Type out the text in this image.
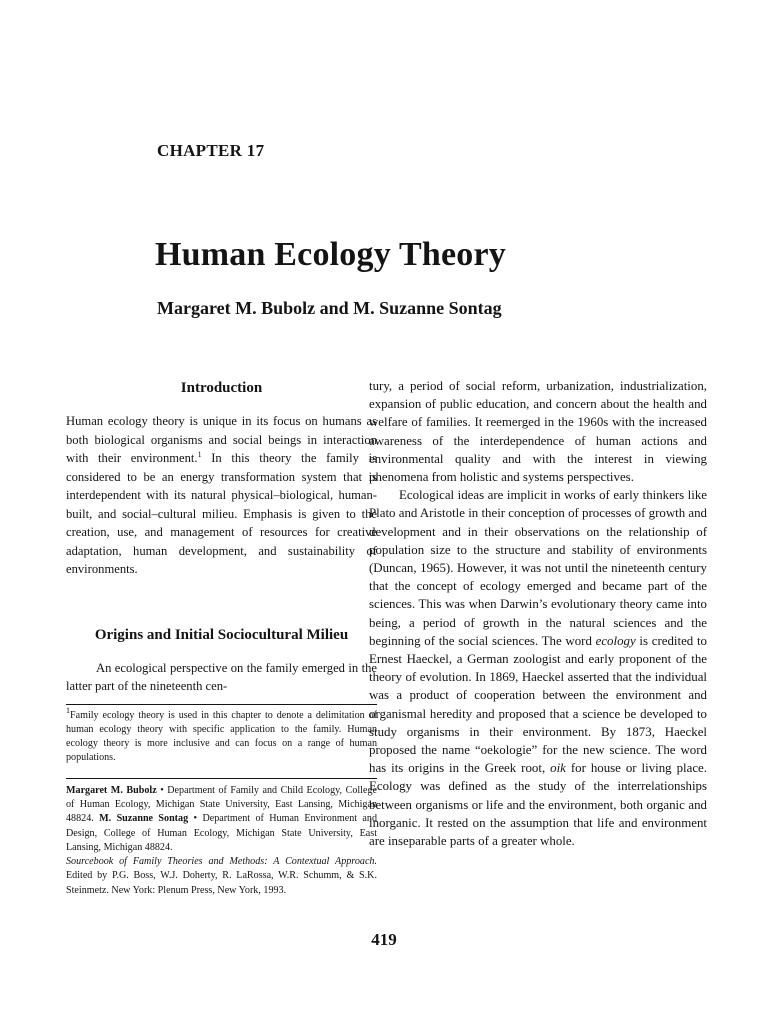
CHAPTER 17
Human Ecology Theory
Margaret M. Bubolz and M. Suzanne Sontag
Introduction

Human ecology theory is unique in its focus on humans as both biological organisms and social beings in interaction with their environment.$^1$ In this theory the family is considered to be an energy transformation system that is interdependent with its natural physical–biological, human-built, and social–cultural milieu. Emphasis is given to the creation, use, and management of resources for creative adaptation, human development, and sustainability of environments.

Origins and Initial Sociocultural Milieu

An ecological perspective on the family emerged in the latter part of the nineteenth cen-

$^1$Family ecology theory is used in this chapter to denote a delimitation of human ecology theory with specific application to the family. Human ecology theory is more inclusive and can focus on a range of human populations.

Margaret M. Bubolz • Department of Family and Child Ecology, College of Human Ecology, Michigan State University, East Lansing, Michigan 48824. M. Suzanne Sontag • Department of Human Environment and Design, College of Human Ecology, Michigan State University, East Lansing, Michigan 48824.

Sourcebook of Family Theories and Methods: A Contextual Approach. Edited by P.G. Boss, W.J. Doherty, R. LaRossa, W.R. Schumm, & S.K. Steinmetz. New York: Plenum Press, New York, 1993.

tury, a period of social reform, urbanization, industrialization, expansion of public education, and concern about the health and welfare of families. It reemerged in the 1960s with the increased awareness of the interdependence of human actions and environmental quality and with the interest in viewing phenomena from holistic and systems perspectives.

Ecological ideas are implicit in works of early thinkers like Plato and Aristotle in their conception of processes of growth and development and in their observations on the relationship of population size to the structure and stability of environments (Duncan, 1965). However, it was not until the nineteenth century that the concept of ecology emerged and became part of the sciences. This was when Darwin’s evolutionary theory came into being, a period of growth in the natural sciences and the beginning of the social sciences. The word ecology is credited to Ernest Haeckel, a German zoologist and early proponent of the theory of evolution. In 1869, Haeckel asserted that the individual was a product of cooperation between the environment and organismal heredity and proposed that a science be developed to study organisms in their environment. By 1873, Haeckel proposed the name “oekologie” for the new science. The word has its origins in the Greek root, oik for house or living place. Ecology was defined as the study of the interrelationships between organisms or life and the environment, both organic and inorganic. It rested on the assumption that life and environment are inseparable parts of a greater whole.

419
